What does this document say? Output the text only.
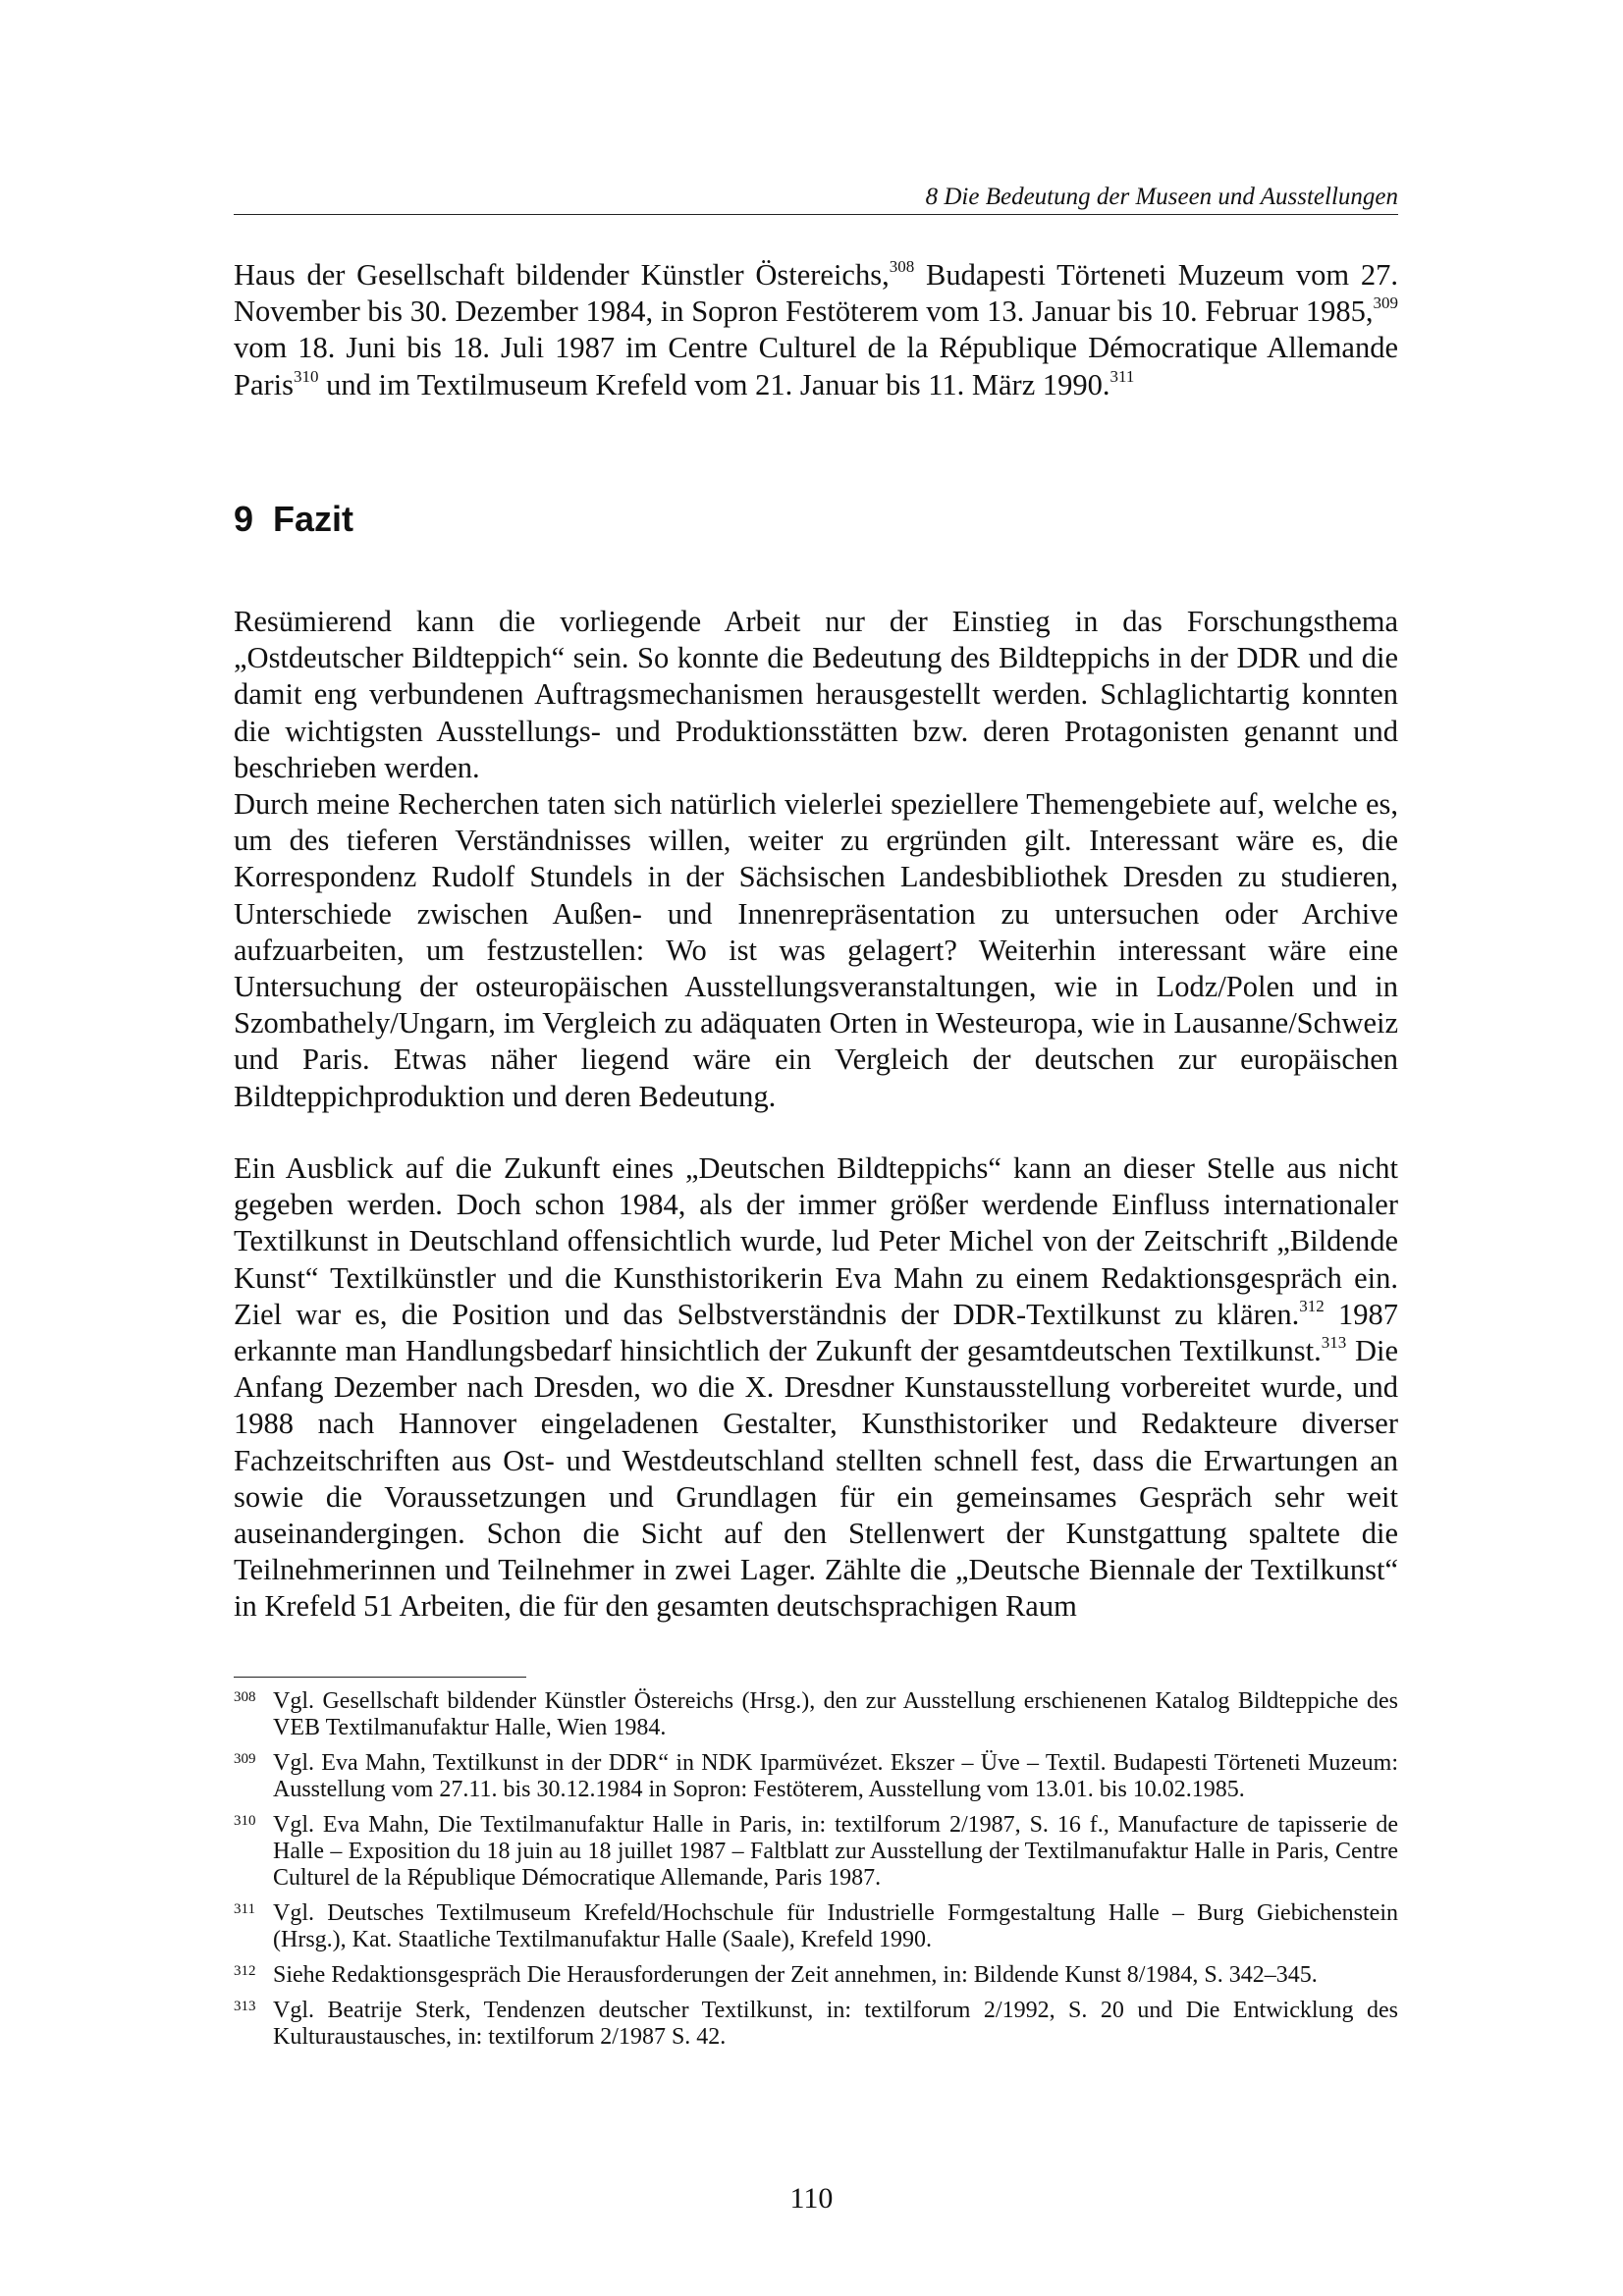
8 Die Bedeutung der Museen und Ausstellungen

Haus der Gesellschaft bildender Künstler Östereichs,$^{308}$ Budapesti Törteneti Muzeum vom 27. November bis 30. Dezember 1984, in Sopron Festöterem vom 13. Januar bis 10. Februar 1985,$^{309}$ vom 18. Juni bis 18. Juli 1987 im Centre Culturel de la République Démocratique Allemande Paris$^{310}$ und im Textilmuseum Krefeld vom 21. Januar bis 11. März 1990.$^{311}$

9 Fazit

Resümierend kann die vorliegende Arbeit nur der Einstieg in das Forschungsthema „Ostdeutscher Bildteppich“ sein. So konnte die Bedeutung des Bildteppichs in der DDR und die damit eng verbundenen Auftragsmechanismen herausgestellt werden. Schlaglichtartig konnten die wichtigsten Ausstellungs- und Produktionsstätten bzw. deren Protagonisten genannt und beschrieben werden.

Durch meine Recherchen taten sich natürlich vielerlei speziellere Themengebiete auf, welche es, um des tieferen Verständnisses willen, weiter zu ergründen gilt. Interessant wäre es, die Korrespondenz Rudolf Stundels in der Sächsischen Landesbibliothek Dresden zu studieren, Unterschiede zwischen Außen- und Innenrepräsentation zu untersuchen oder Archive aufzuarbeiten, um festzustellen: Wo ist was gelagert? Weiterhin interessant wäre eine Untersuchung der osteuropäischen Ausstellungsveranstaltungen, wie in Lodz/Polen und in Szombathely/Ungarn, im Vergleich zu adäquaten Orten in Westeuropa, wie in Lausanne/Schweiz und Paris. Etwas näher liegend wäre ein Vergleich der deutschen zur europäischen Bildteppichproduktion und deren Bedeutung.

Ein Ausblick auf die Zukunft eines „Deutschen Bildteppichs“ kann an dieser Stelle aus nicht gegeben werden. Doch schon 1984, als der immer größer werdende Einfluss internationaler Textilkunst in Deutschland offensichtlich wurde, lud Peter Michel von der Zeitschrift „Bildende Kunst“ Textilkünstler und die Kunsthistorikerin Eva Mahn zu einem Redaktionsgespräch ein. Ziel war es, die Position und das Selbstverständnis der DDR-Textilkunst zu klären.$^{312}$ 1987 erkannte man Handlungsbedarf hinsichtlich der Zukunft der gesamtdeutschen Textilkunst.$^{313}$ Die Anfang Dezember nach Dresden, wo die X. Dresdner Kunstausstellung vorbereitet wurde, und 1988 nach Hannover eingeladenen Gestalter, Kunsthistoriker und Redakteure diverser Fachzeitschriften aus Ost- und Westdeutschland stellten schnell fest, dass die Erwartungen an sowie die Voraussetzungen und Grundlagen für ein gemeinsames Gespräch sehr weit auseinandergingen. Schon die Sicht auf den Stellenwert der Kunstgattung spaltete die Teilnehmerinnen und Teilnehmer in zwei Lager. Zählte die „Deutsche Biennale der Textilkunst“ in Krefeld 51 Arbeiten, die für den gesamten deutschsprachigen Raum

308 Vgl. Gesellschaft bildender Künstler Östereichs (Hrsg.), den zur Ausstellung erschienenen Katalog Bildteppiche des VEB Textilmanufaktur Halle, Wien 1984.
309 Vgl. Eva Mahn, Textilkunst in der DDR“ in NDK Iparmüvézet. Ekszer – Üve – Textil. Budapesti Törteneti Muzeum: Ausstellung vom 27.11. bis 30.12.1984 in Sopron: Festöterem, Ausstellung vom 13.01. bis 10.02.1985.
310 Vgl. Eva Mahn, Die Textilmanufaktur Halle in Paris, in: textilforum 2/1987, S. 16 f., Manufacture de tapisserie de Halle – Exposition du 18 juin au 18 juillet 1987 – Faltblatt zur Ausstellung der Textilmanufaktur Halle in Paris, Centre Culturel de la République Démocratique Allemande, Paris 1987.
311 Vgl. Deutsches Textilmuseum Krefeld/Hochschule für Industrielle Formgestaltung Halle – Burg Giebichenstein (Hrsg.), Kat. Staatliche Textilmanufaktur Halle (Saale), Krefeld 1990.
312 Siehe Redaktionsgespräch Die Herausforderungen der Zeit annehmen, in: Bildende Kunst 8/1984, S. 342–345.
313 Vgl. Beatrije Sterk, Tendenzen deutscher Textilkunst, in: textilforum 2/1992, S. 20 und Die Entwicklung des Kulturaustausches, in: textilforum 2/1987 S. 42.
110
